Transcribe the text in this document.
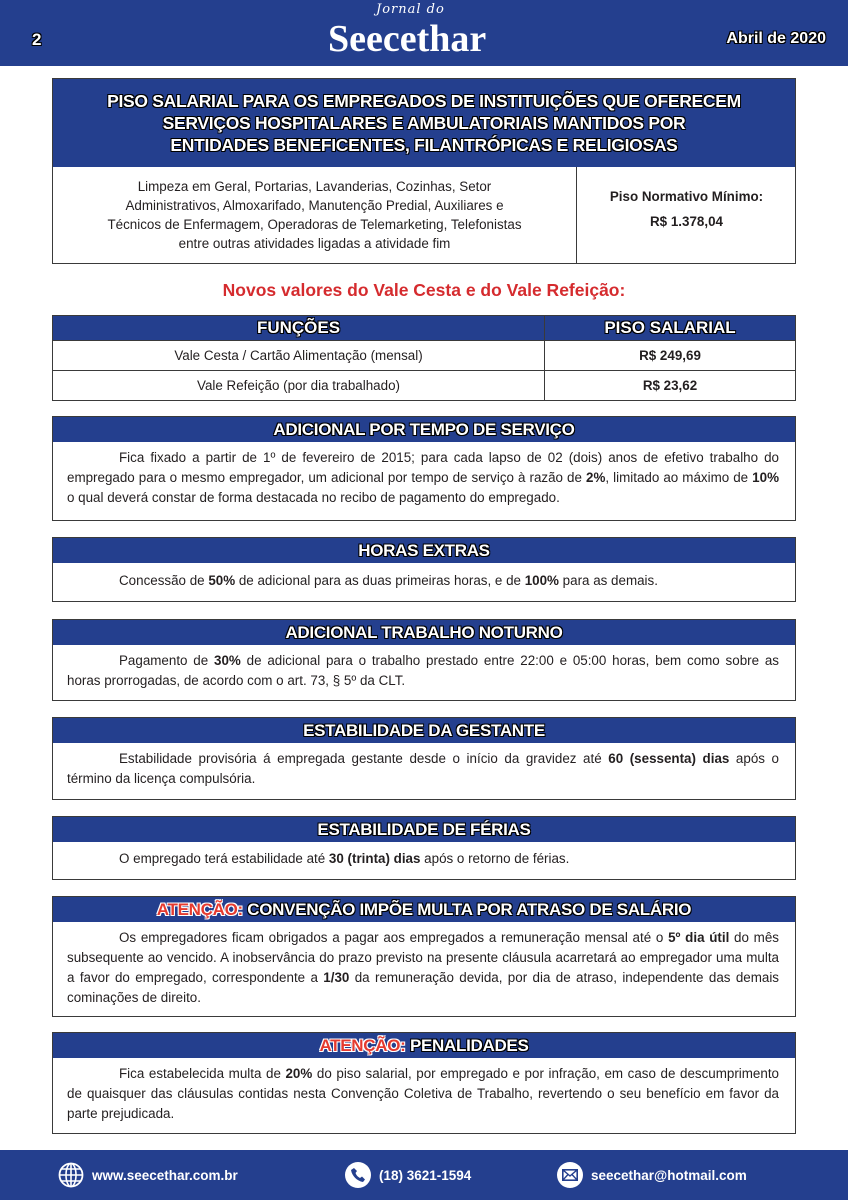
2
Jornal do
Seecethar	Abril de 2020
PISO SALARIAL PARA OS EMPREGADOS DE INSTITUIÇÕES QUE OFERECEM
SERVIÇOS HOSPITALARES E AMBULATORIAIS MANTIDOS POR
ENTIDADES BENEFICENTES, FILANTRÓPICAS E RELIGIOSAS
Limpeza em Geral, Portarias, Lavanderias, Cozinhas, Setor
Administrativos, Almoxarifado, Manutenção Predial, Auxiliares e
Técnicos de Enfermagem, Operadoras de Telemarketing, Telefonistas
entre outras atividades ligadas a atividade fim
Piso Normativo Mínimo:
R$ 1.378,04
Novos valores do Vale Cesta e do Vale Refeição:
FUNÇÕES	PISO SALARIAL
Vale Cesta / Cartão Alimentação (mensal)	R$ 249,69
Vale Refeição (por dia trabalhado)	R$ 23,62
ADICIONAL POR TEMPO DE SERVIÇO
Fica fixado a partir de 1º de fevereiro de 2015; para cada lapso de 02 (dois) anos de efetivo trabalho do empregado para o mesmo empregador, um adicional por tempo de serviço à razão de 2%, limitado ao máximo de 10% o qual deverá constar de forma destacada no recibo de pagamento do empregado.
HORAS EXTRAS
Concessão de 50% de adicional para as duas primeiras horas, e de 100% para as demais.
ADICIONAL TRABALHO NOTURNO
Pagamento de 30% de adicional para o trabalho prestado entre 22:00 e 05:00 horas, bem como sobre as horas prorrogadas, de acordo com o art. 73, § 5º da CLT.
ESTABILIDADE DA GESTANTE
Estabilidade provisória á empregada gestante desde o início da gravidez até 60 (sessenta) dias após o término da licença compulsória.
ESTABILIDADE DE FÉRIAS
O empregado terá estabilidade até 30 (trinta) dias após o retorno de férias.
ATENÇÃO: CONVENÇÃO IMPÕE MULTA POR ATRASO DE SALÁRIO
Os empregadores ficam obrigados a pagar aos empregados a remuneração mensal até o 5º dia útil do mês subsequente ao vencido. A inobservância do prazo previsto na presente cláusula acarretará ao empregador uma multa a favor do empregado, correspondente a 1/30 da remuneração devida, por dia de atraso, independente das demais cominações de direito.
ATENÇÃO: PENALIDADES
Fica estabelecida multa de 20% do piso salarial, por empregado e por infração, em caso de descumprimento de quaisquer das cláusulas contidas nesta Convenção Coletiva de Trabalho, revertendo o seu benefício em favor da parte prejudicada.
www.seecethar.com.br	(18) 3621-1594	seecethar@hotmail.com
